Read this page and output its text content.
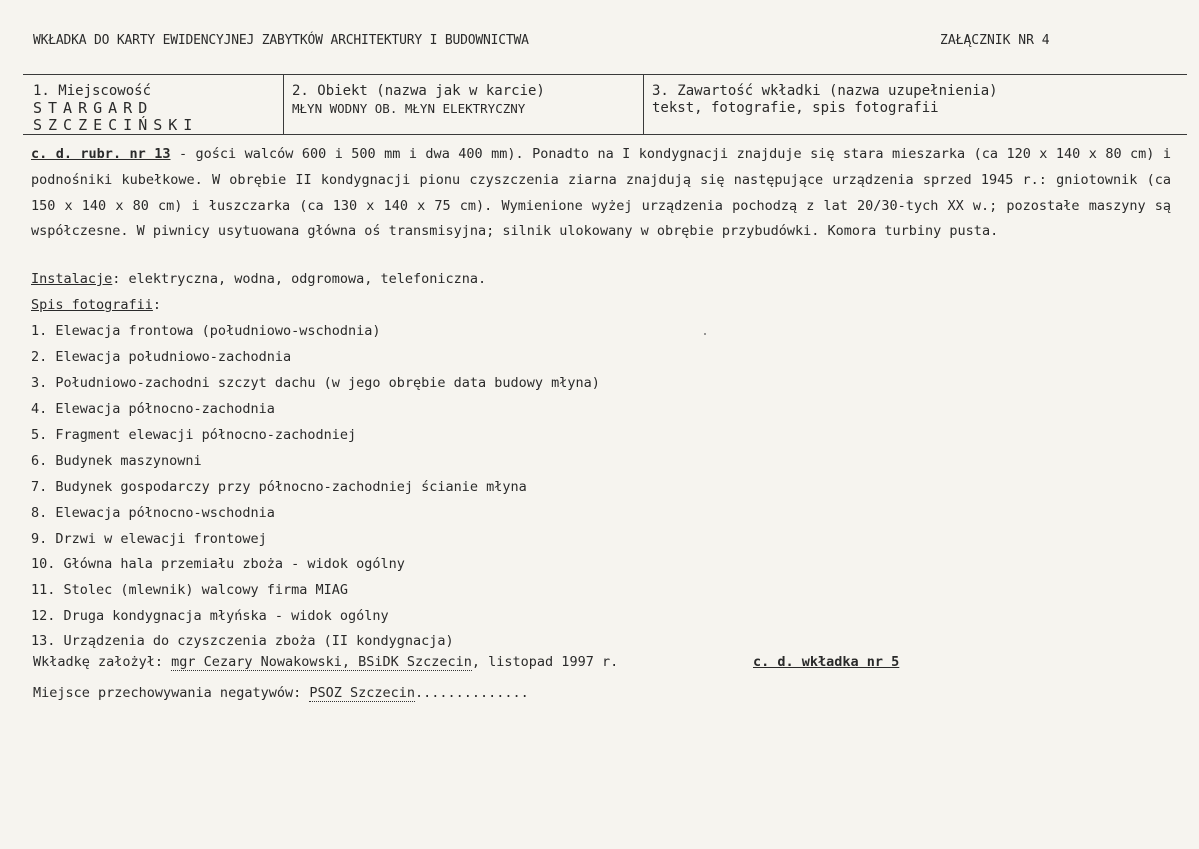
WKŁADKA DO KARTY EWIDENCYJNEJ ZABYTKÓW ARCHITEKTURY I BUDOWNICTWA	ZAŁĄCZNIK NR 4
1. Miejscowość
STARGARD
SZCZECIŃSKI
2. Obiekt (nazwa jak w karcie)
MŁYN WODNY OB. MŁYN ELEKTRYCZNY
3. Zawartość wkładki (nazwa uzupełnienia)
tekst, fotografie, spis fotografii
c. d. rubr. nr 13 - gości walców 600 i 500 mm i dwa 400 mm). Ponadto na I kondygnacji znajduje się stara mieszarka (ca 120 x 140 x 80 cm) i podnośniki kubełkowe. W obrębie II kondygnacji pionu czyszczenia ziarna znajdują się następujące urządzenia sprzed 1945 r.: gniotownik (ca 150 x 140 x 80 cm) i łuszczarka (ca 130 x 140 x 75 cm). Wymienione wyżej urządzenia pochodzą z lat 20/30-tych XX w.; pozostałe maszyny są współczesne. W piwnicy usytuowana główna oś transmisyjna; silnik ulokowany w obrębie przybudówki. Komora turbiny pusta.
Instalacje: elektryczna, wodna, odgromowa, telefoniczna.
Spis fotografii:
1. Elewacja frontowa (południowo-wschodnia)
2. Elewacja południowo-zachodnia
3. Południowo-zachodni szczyt dachu (w jego obrębie data budowy młyna)
4. Elewacja północno-zachodnia
5. Fragment elewacji północno-zachodniej
6. Budynek maszynowni
7. Budynek gospodarczy przy północno-zachodniej ścianie młyna
8. Elewacja północno-wschodnia
9. Drzwi w elewacji frontowej
10. Główna hala przemiału zboża - widok ogólny
11. Stolec (mlewnik) walcowy firma MIAG
12. Druga kondygnacja młyńska - widok ogólny
13. Urządzenia do czyszczenia zboża (II kondygnacja)
Wkładkę założył: mgr Cezary Nowakowski, BSiDK Szczecin, listopad 1997 r.	c. d. wkładka nr 5
Miejsce przechowywania negatywów: PSOZ Szczecin..............
